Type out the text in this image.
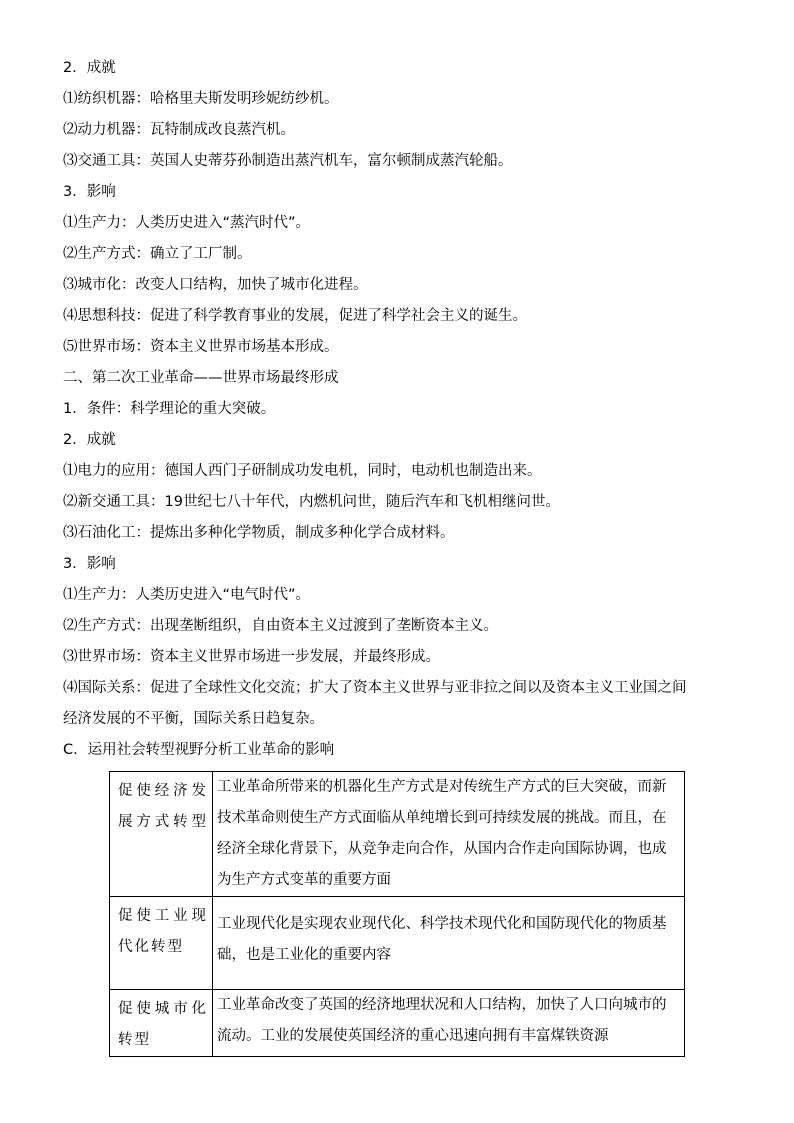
2．成就
⑴纺织机器：哈格里夫斯发明珍妮纺纱机。
⑵动力机器：瓦特制成改良蒸汽机。
⑶交通工具：英国人史蒂芬孙制造出蒸汽机车，富尔顿制成蒸汽轮船。
3．影响
⑴生产力：人类历史进入“蒸汽时代”。
⑵生产方式：确立了工厂制。
⑶城市化：改变人口结构，加快了城市化进程。
⑷思想科技：促进了科学教育事业的发展，促进了科学社会主义的诞生。
⑸世界市场：资本主义世界市场基本形成。
二、第二次工业革命——世界市场最终形成
1．条件：科学理论的重大突破。
2．成就
⑴电力的应用：德国人西门子研制成功发电机，同时，电动机也制造出来。
⑵新交通工具：19世纪七八十年代，内燃机问世，随后汽车和飞机相继问世。
⑶石油化工：提炼出多种化学物质，制成多种化学合成材料。
3．影响
⑴生产力：人类历史进入“电气时代”。
⑵生产方式：出现垄断组织，自由资本主义过渡到了垄断资本主义。
⑶世界市场：资本主义世界市场进一步发展，并最终形成。
⑷国际关系：促进了全球性文化交流；扩大了资本主义世界与亚非拉之间以及资本主义工业国之间经济发展的不平衡，国际关系日趋复杂。
C．运用社会转型视野分析工业革命的影响
促使经济发展方式转型	工业革命所带来的机器化生产方式是对传统生产方式的巨大突破，而新技术革命则使生产方式面临从单纯增长到可持续发展的挑战。而且，在经济全球化背景下，从竞争走向合作，从国内合作走向国际协调，也成为生产方式变革的重要方面
促使工业现代化转型	工业现代化是实现农业现代化、科学技术现代化和国防现代化的物质基础，也是工业化的重要内容
促使城市化转型	工业革命改变了英国的经济地理状况和人口结构，加快了人口向城市的流动。工业的发展使英国经济的重心迅速向拥有丰富煤铁资源
